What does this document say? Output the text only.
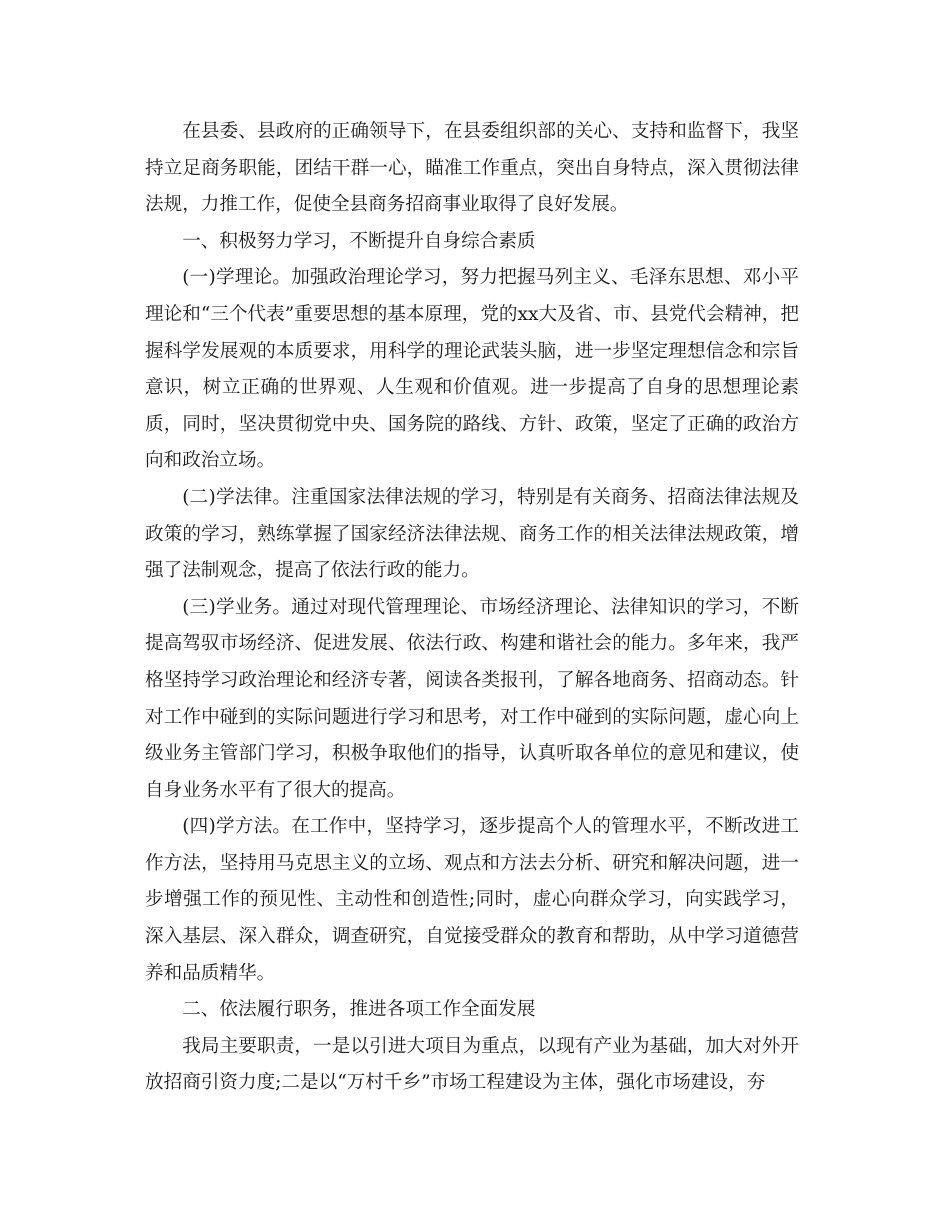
在县委、县政府的正确领导下，在县委组织部的关心、支持和监督下，我坚持立足商务职能，团结干群一心，瞄准工作重点，突出自身特点，深入贯彻法律法规，力推工作，促使全县商务招商事业取得了良好发展。

一、积极努力学习，不断提升自身综合素质

(一)学理论。加强政治理论学习，努力把握马列主义、毛泽东思想、邓小平理论和“三个代表”重要思想的基本原理，党的xx大及省、市、县党代会精神，把握科学发展观的本质要求，用科学的理论武装头脑，进一步坚定理想信念和宗旨意识，树立正确的世界观、人生观和价值观。进一步提高了自身的思想理论素质，同时，坚决贯彻党中央、国务院的路线、方针、政策，坚定了正确的政治方向和政治立场。

(二)学法律。注重国家法律法规的学习，特别是有关商务、招商法律法规及政策的学习，熟练掌握了国家经济法律法规、商务工作的相关法律法规政策，增强了法制观念，提高了依法行政的能力。

(三)学业务。通过对现代管理理论、市场经济理论、法律知识的学习，不断提高驾驭市场经济、促进发展、依法行政、构建和谐社会的能力。多年来，我严格坚持学习政治理论和经济专著，阅读各类报刊，了解各地商务、招商动态。针对工作中碰到的实际问题进行学习和思考，对工作中碰到的实际问题，虚心向上级业务主管部门学习，积极争取他们的指导，认真听取各单位的意见和建议，使自身业务水平有了很大的提高。

(四)学方法。在工作中，坚持学习，逐步提高个人的管理水平，不断改进工作方法，坚持用马克思主义的立场、观点和方法去分析、研究和解决问题，进一步增强工作的预见性、主动性和创造性;同时，虚心向群众学习，向实践学习，深入基层、深入群众，调查研究，自觉接受群众的教育和帮助，从中学习道德营养和品质精华。

二、依法履行职务，推进各项工作全面发展

我局主要职责，一是以引进大项目为重点，以现有产业为基础，加大对外开放招商引资力度;二是以“万村千乡”市场工程建设为主体，强化市场建设，夯
